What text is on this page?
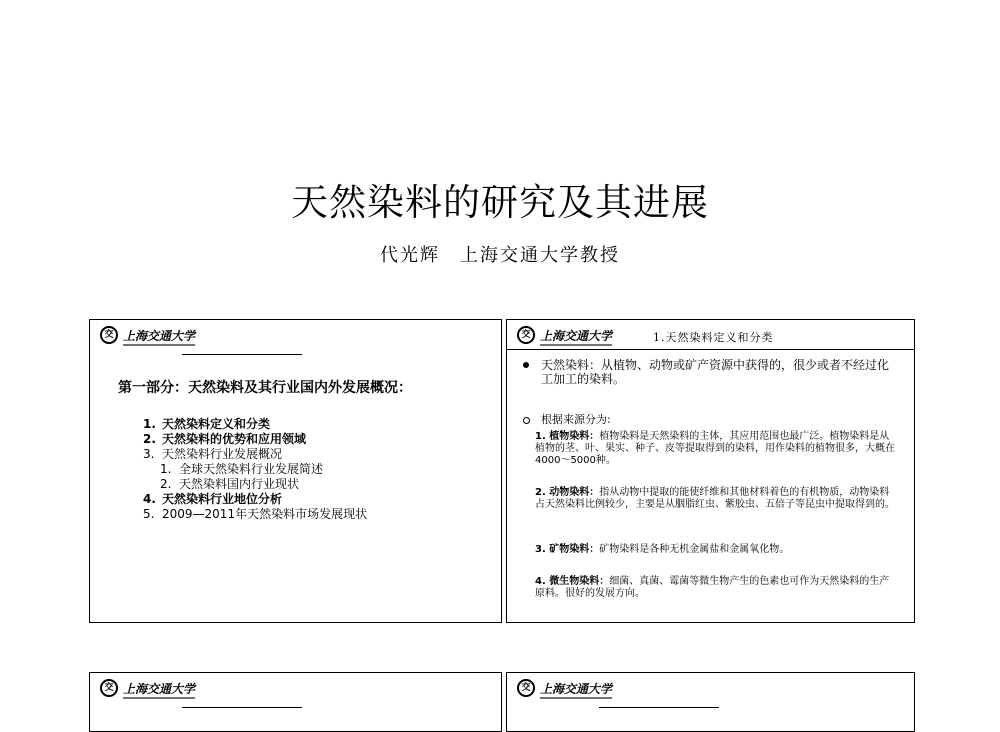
天然染料的研究及其进展
代光辉　上海交通大学教授
交 上海交通大学
第一部分：天然染料及其行业国内外发展概况：
1. 天然染料定义和分类
2. 天然染料的优势和应用领域
3. 天然染料行业发展概况
1. 全球天然染料行业发展简述
2. 天然染料国内行业现状
4. 天然染料行业地位分析
5. 2009—2011年天然染料市场发展现状
交 上海交通大学	1.天然染料定义和分类
天然染料：从植物、动物或矿产资源中获得的，很少或者不经过化工加工的染料。
根据来源分为:
1. 植物染料：植物染料是天然染料的主体，其应用范围也最广泛。植物染料是从植物的茎、叶、果实、种子、皮等提取得到的染料，用作染料的植物很多，大概在4000～5000种。
2. 动物染料：指从动物中提取的能使纤维和其他材料着色的有机物质，动物染料占天然染料比例较少，主要是从胭脂红虫、紫胶虫、五倍子等昆虫中提取得到的。
3. 矿物染料：矿物染料是各种无机金属盐和金属氧化物。
4. 微生物染料：细菌、真菌、霉菌等微生物产生的色素也可作为天然染料的生产原料。很好的发展方向。
交 上海交通大学	交 上海交通大学
